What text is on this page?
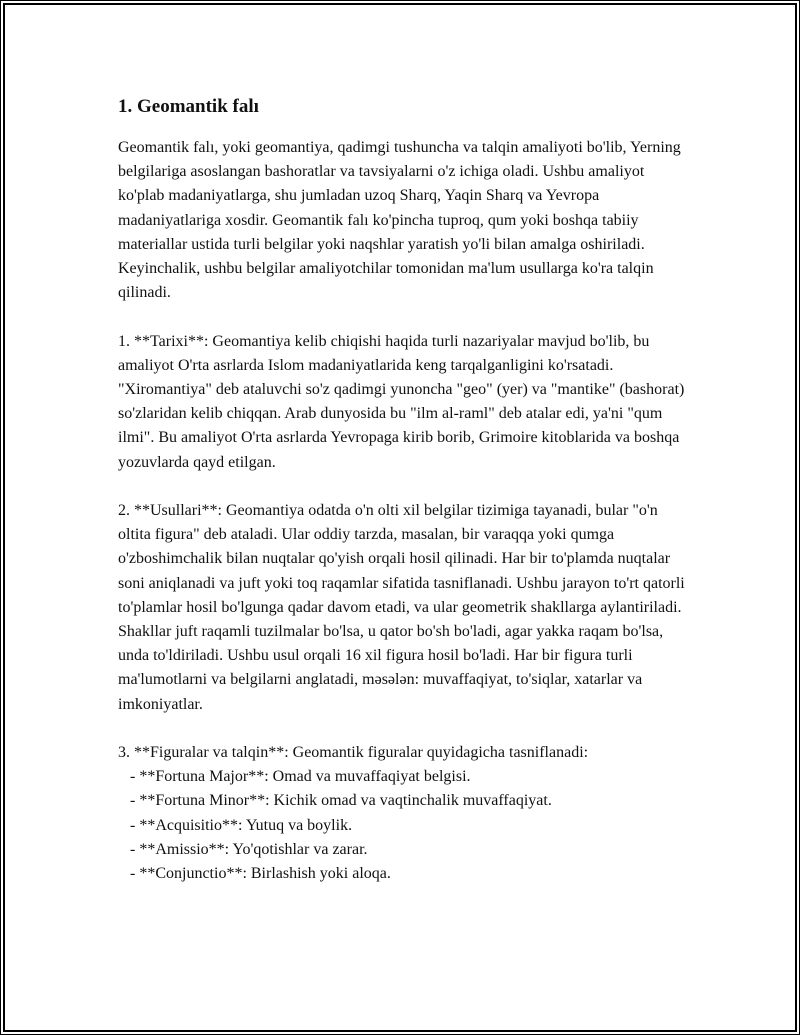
1. Geomantik falı

Geomantik falı, yoki geomantiya, qadimgi tushuncha va talqin amaliyoti bo'lib, Yerning belgilariga asoslangan bashoratlar va tavsiyalarni o'z ichiga oladi. Ushbu amaliyot ko'plab madaniyatlarga, shu jumladan uzoq Sharq, Yaqin Sharq va Yevropa madaniyatlariga xosdir. Geomantik falı ko'pincha tuproq, qum yoki boshqa tabiiy materiallar ustida turli belgilar yoki naqshlar yaratish yo'li bilan amalga oshiriladi. Keyinchalik, ushbu belgilar amaliyotchilar tomonidan ma'lum usullarga ko'ra talqin qilinadi.

1. **Tarixi**: Geomantiya kelib chiqishi haqida turli nazariyalar mavjud bo'lib, bu amaliyot O'rta asrlarda Islom madaniyatlarida keng tarqalganligini ko'rsatadi. "Xiromantiya" deb ataluvchi so'z qadimgi yunoncha "geo" (yer) va "mantike" (bashorat) so'zlaridan kelib chiqqan. Arab dunyosida bu "ilm al-raml" deb atalar edi, ya'ni "qum ilmi". Bu amaliyot O'rta asrlarda Yevropaga kirib borib, Grimoire kitoblarida va boshqa yozuvlarda qayd etilgan.

2. **Usullari**: Geomantiya odatda o'n olti xil belgilar tizimiga tayanadi, bular "o'n oltita figura" deb ataladi. Ular oddiy tarzda, masalan, bir varaqqa yoki qumga o'zboshimchalik bilan nuqtalar qo'yish orqali hosil qilinadi. Har bir to'plamda nuqtalar soni aniqlanadi va juft yoki toq raqamlar sifatida tasniflanadi. Ushbu jarayon to'rt qatorli to'plamlar hosil bo'lgunga qadar davom etadi, va ular geometrik shakllarga aylantiriladi. Shakllar juft raqamli tuzilmalar bo'lsa, u qator bo'sh bo'ladi, agar yakka raqam bo'lsa, unda to'ldiriladi. Ushbu usul orqali 16 xil figura hosil bo'ladi. Har bir figura turli ma'lumotlarni va belgilarni anglatadi, məsələn: muvaffaqiyat, to'siqlar, xatarlar va imkoniyatlar.

3. **Figuralar va talqin**: Geomantik figuralar quyidagicha tasniflanadi:

- **Fortuna Major**: Omad va muvaffaqiyat belgisi.
- **Fortuna Minor**: Kichik omad va vaqtinchalik muvaffaqiyat.
- **Acquisitio**: Yutuq va boylik.
- **Amissio**: Yo'qotishlar va zarar.
- **Conjunctio**: Birlashish yoki aloqa.
